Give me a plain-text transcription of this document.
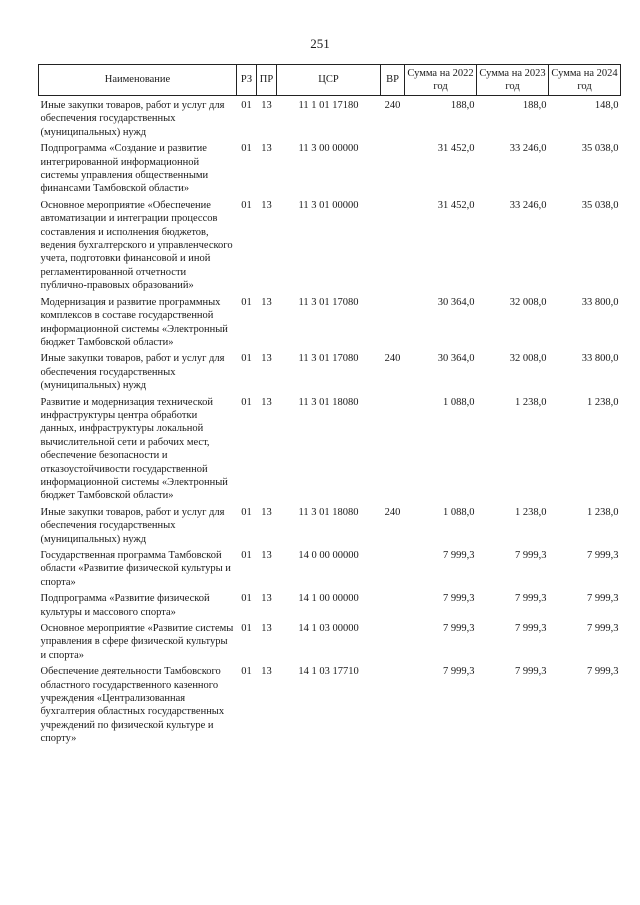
251
Наименование	РЗ	ПР	ЦСР	ВР	Сумма на 2022 год	Сумма на 2023 год	Сумма на 2024 год
Иные закупки товаров, работ и услуг для обеспечения государственных (муниципальных) нужд	01	13	11 1 01 17180	240	188,0	188,0	148,0
Подпрограмма «Создание и развитие интегрированной информационной системы управления общественными финансами Тамбовской области»	01	13	11 3 00 00000		31 452,0	33 246,0	35 038,0
Основное мероприятие «Обеспечение автоматизации и интеграции процессов составления и исполнения бюджетов, ведения бухгалтерского и управленческого учета, подготовки финансовой и иной регламентированной отчетности публично-правовых образований»	01	13	11 3 01 00000		31 452,0	33 246,0	35 038,0
Модернизация и развитие программных комплексов в составе государственной информационной системы «Электронный бюджет Тамбовской области»	01	13	11 3 01 17080		30 364,0	32 008,0	33 800,0
Иные закупки товаров, работ и услуг для обеспечения государственных (муниципальных) нужд	01	13	11 3 01 17080	240	30 364,0	32 008,0	33 800,0
Развитие и модернизация технической инфраструктуры центра обработки данных, инфраструктуры локальной вычислительной сети и рабочих мест, обеспечение безопасности и отказоустойчивости государственной информационной системы «Электронный бюджет Тамбовской области»	01	13	11 3 01 18080		1 088,0	1 238,0	1 238,0
Иные закупки товаров, работ и услуг для обеспечения государственных (муниципальных) нужд	01	13	11 3 01 18080	240	1 088,0	1 238,0	1 238,0
Государственная программа Тамбовской области «Развитие физической культуры и спорта»	01	13	14 0 00 00000		7 999,3	7 999,3	7 999,3
Подпрограмма «Развитие физической культуры и массового спорта»	01	13	14 1 00 00000		7 999,3	7 999,3	7 999,3
Основное мероприятие «Развитие системы управления в сфере физической культуры и спорта»	01	13	14 1 03 00000		7 999,3	7 999,3	7 999,3
Обеспечение деятельности Тамбовского областного государственного казенного учреждения «Централизованная бухгалтерия областных государственных учреждений по физической культуре и спорту»	01	13	14 1 03 17710		7 999,3	7 999,3	7 999,3
